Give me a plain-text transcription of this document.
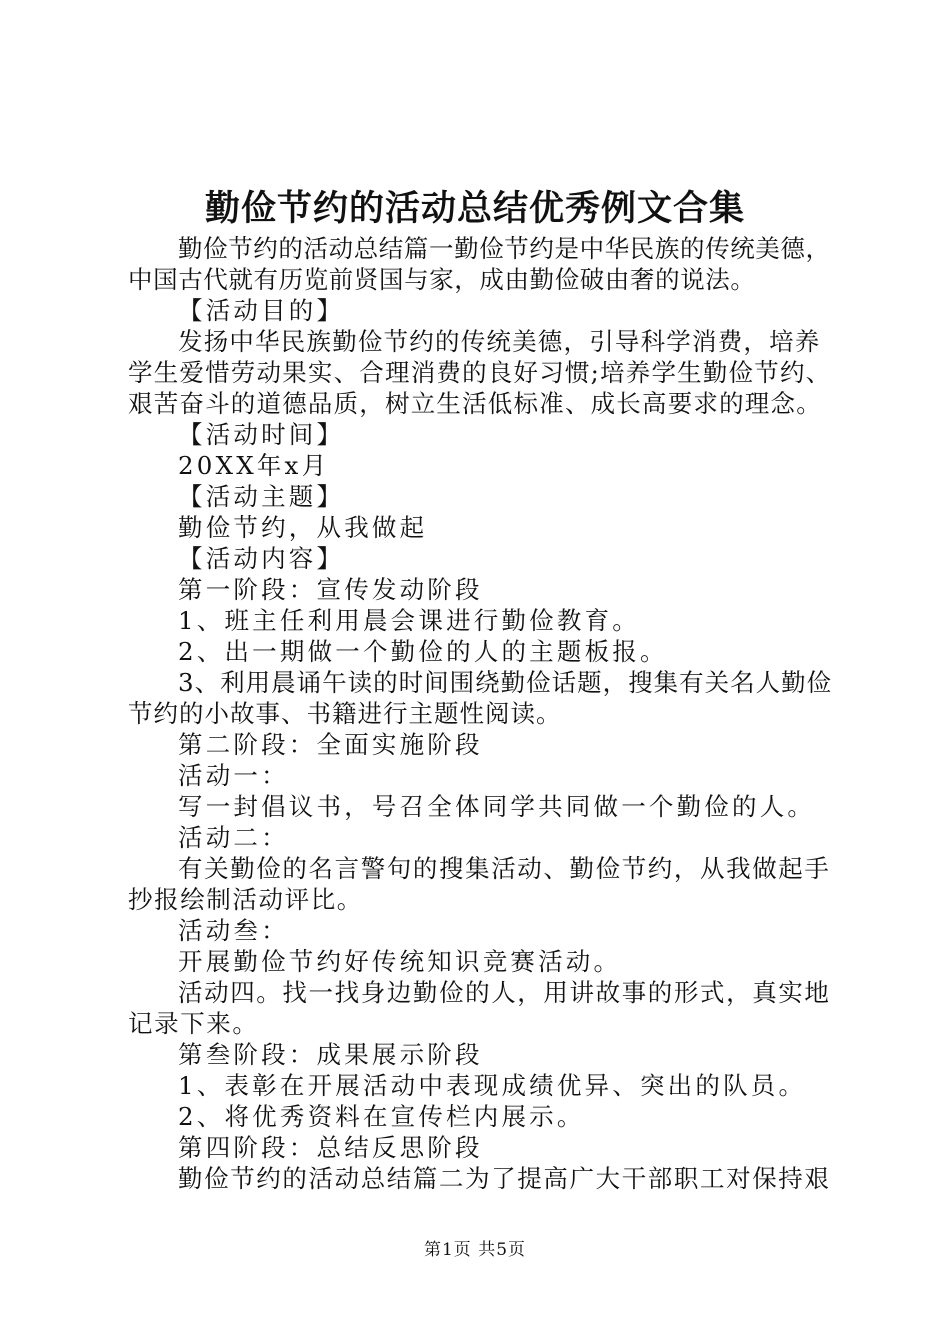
勤俭节约的活动总结优秀例文合集
勤俭节约的活动总结篇一勤俭节约是中华民族的传统美德，
中国古代就有历览前贤国与家，成由勤俭破由奢的说法。
【活动目的】
发扬中华民族勤俭节约的传统美德，引导科学消费，培养
学生爱惜劳动果实、合理消费的良好习惯;培养学生勤俭节约、
艰苦奋斗的道德品质，树立生活低标准、成长高要求的理念。
【活动时间】
20XX年x月
【活动主题】
勤俭节约，从我做起
【活动内容】
第一阶段：宣传发动阶段
1、班主任利用晨会课进行勤俭教育。
2、出一期做一个勤俭的人的主题板报。
3、利用晨诵午读的时间围绕勤俭话题，搜集有关名人勤俭
节约的小故事、书籍进行主题性阅读。
第二阶段：全面实施阶段
活动一：
写一封倡议书，号召全体同学共同做一个勤俭的人。
活动二：
有关勤俭的名言警句的搜集活动、勤俭节约，从我做起手
抄报绘制活动评比。
活动叁：
开展勤俭节约好传统知识竞赛活动。
活动四。找一找身边勤俭的人，用讲故事的形式，真实地
记录下来。
第叁阶段：成果展示阶段
1、表彰在开展活动中表现成绩优异、突出的队员。
2、将优秀资料在宣传栏内展示。
第四阶段：总结反思阶段
勤俭节约的活动总结篇二为了提高广大干部职工对保持艰
第1页 共5页
